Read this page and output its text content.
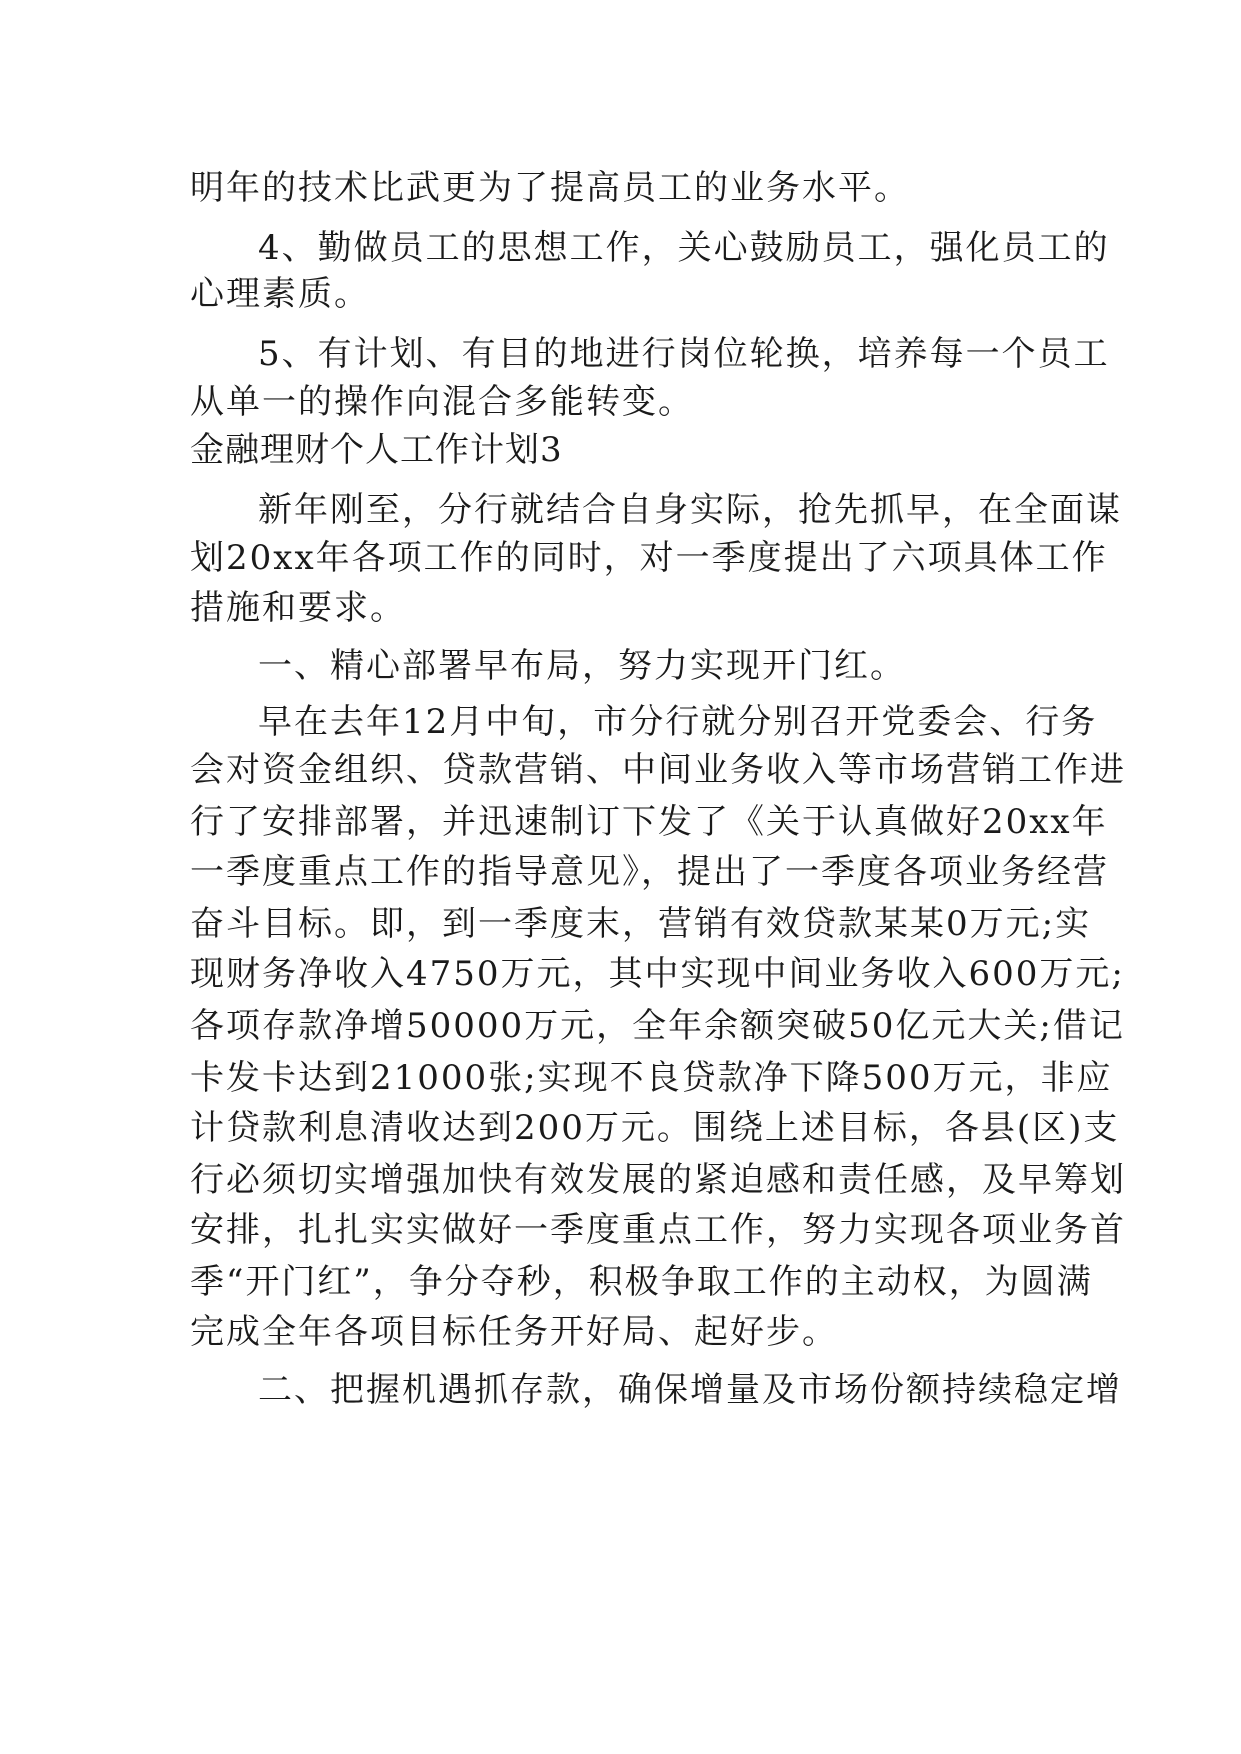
明年的技术比武更为了提高员工的业务水平。
4、勤做员工的思想工作，关心鼓励员工，强化员工的
心理素质。
5、有计划、有目的地进行岗位轮换，培养每一个员工
从单一的操作向混合多能转变。
金融理财个人工作计划3
新年刚至，分行就结合自身实际，抢先抓早，在全面谋
划20xx年各项工作的同时，对一季度提出了六项具体工作
措施和要求。
一、精心部署早布局，努力实现开门红。
早在去年12月中旬，市分行就分别召开党委会、行务
会对资金组织、贷款营销、中间业务收入等市场营销工作进
行了安排部署，并迅速制订下发了《关于认真做好20xx年
一季度重点工作的指导意见》，提出了一季度各项业务经营
奋斗目标。即，到一季度末，营销有效贷款某某0万元;实
现财务净收入4750万元，其中实现中间业务收入600万元;
各项存款净增50000万元，全年余额突破50亿元大关;借记
卡发卡达到21000张;实现不良贷款净下降500万元，非应
计贷款利息清收达到200万元。围绕上述目标，各县(区)支
行必须切实增强加快有效发展的紧迫感和责任感，及早筹划
安排，扎扎实实做好一季度重点工作，努力实现各项业务首
季“开门红”，争分夺秒，积极争取工作的主动权，为圆满
完成全年各项目标任务开好局、起好步。
二、把握机遇抓存款，确保增量及市场份额持续稳定增
